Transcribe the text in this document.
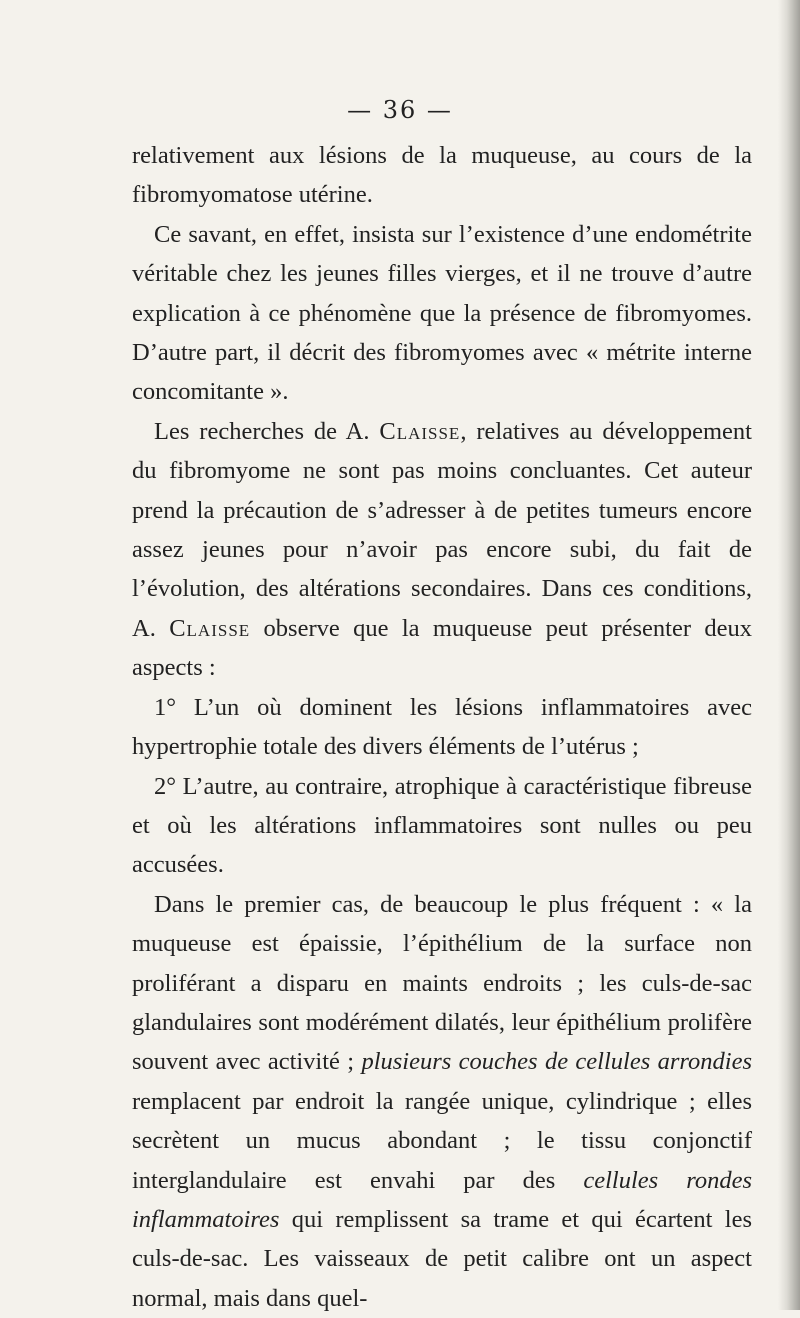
— 36 —

relativement aux lésions de la muqueuse, au cours de la fibromyomatose utérine.

Ce savant, en effet, insista sur l’existence d’une endométrite véritable chez les jeunes filles vierges, et il ne trouve d’autre explication à ce phénomène que la présence de fibromyomes. D’autre part, il décrit des fibromyomes avec « métrite interne concomitante ».

Les recherches de A. Claisse, relatives au développement du fibromyome ne sont pas moins concluantes. Cet auteur prend la précaution de s’adresser à de petites tumeurs encore assez jeunes pour n’avoir pas encore subi, du fait de l’évolution, des altérations secondaires. Dans ces conditions, A. Claisse observe que la muqueuse peut présenter deux aspects :

1° L’un où dominent les lésions inflammatoires avec hypertrophie totale des divers éléments de l’utérus ;

2° L’autre, au contraire, atrophique à caractéristique fibreuse et où les altérations inflammatoires sont nulles ou peu accusées.

Dans le premier cas, de beaucoup le plus fréquent : « la muqueuse est épaissie, l’épithélium de la surface non proliférant a disparu en maints endroits ; les culs-de-sac glandulaires sont modérément dilatés, leur épithélium prolifère souvent avec activité ; plusieurs couches de cellules arrondies remplacent par endroit la rangée unique, cylindrique ; elles secrètent un mucus abondant ; le tissu conjonctif interglandulaire est envahi par des cellules rondes inflammatoires qui remplissent sa trame et qui écartent les culs-de-sac. Les vaisseaux de petit calibre ont un aspect normal, mais dans quel-
